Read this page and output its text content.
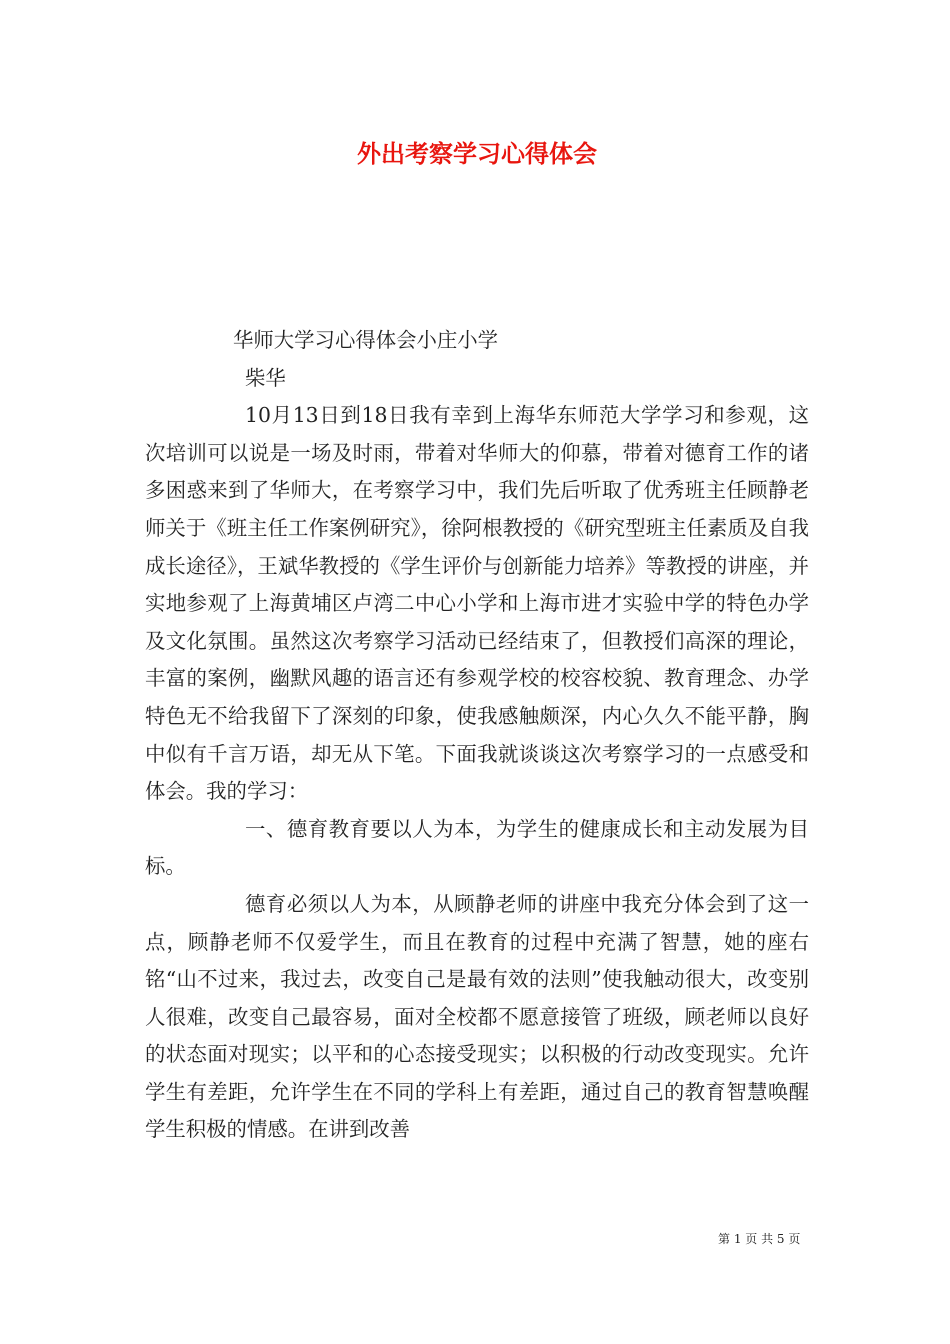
外出考察学习心得体会

华师大学习心得体会小庄小学

柴华

10月13日到18日我有幸到上海华东师范大学学习和参观，这次培训可以说是一场及时雨，带着对华师大的仰慕，带着对德育工作的诸多困惑来到了华师大，在考察学习中，我们先后听取了优秀班主任顾静老师关于《班主任工作案例研究》，徐阿根教授的《研究型班主任素质及自我成长途径》，王斌华教授的《学生评价与创新能力培养》等教授的讲座，并实地参观了上海黄埔区卢湾二中心小学和上海市进才实验中学的特色办学及文化氛围。虽然这次考察学习活动已经结束了，但教授们高深的理论，丰富的案例，幽默风趣的语言还有参观学校的校容校貌、教育理念、办学特色无不给我留下了深刻的印象，使我感触颇深，内心久久不能平静，胸中似有千言万语，却无从下笔。下面我就谈谈这次考察学习的一点感受和体会。我的学习：

一、德育教育要以人为本，为学生的健康成长和主动发展为目标。

德育必须以人为本，从顾静老师的讲座中我充分体会到了这一点，顾静老师不仅爱学生，而且在教育的过程中充满了智慧，她的座右铭“山不过来，我过去，改变自己是最有效的法则”使我触动很大，改变别人很难，改变自己最容易，面对全校都不愿意接管了班级，顾老师以良好的状态面对现实；以平和的心态接受现实；以积极的行动改变现实。允许学生有差距，允许学生在不同的学科上有差距，通过自己的教育智慧唤醒学生积极的情感。在讲到改善

第 1 页 共 5 页
